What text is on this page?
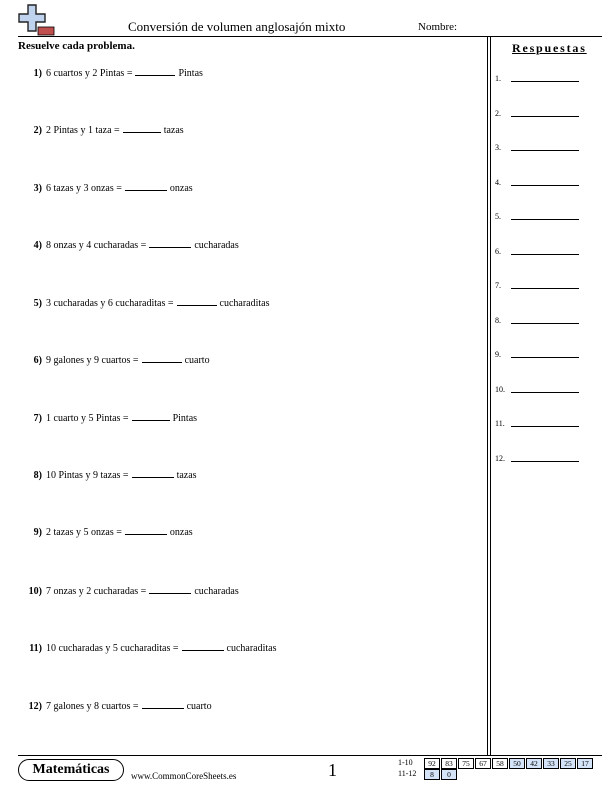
Conversión de volumen anglosajón mixto	Nombre:
Resuelve cada problema.
1) 6 cuartos y 2 Pintas =	Pintas
2) 2 Pintas y 1 taza =	tazas
3) 6 tazas y 3 onzas =	onzas
4) 8 onzas y 4 cucharadas =	cucharadas
5) 3 cucharadas y 6 cucharaditas =	cucharaditas
6) 9 galones y 9 cuartos =	cuarto
7) 1 cuarto y 5 Pintas =	Pintas
8) 10 Pintas y 9 tazas =	tazas
9) 2 tazas y 5 onzas =	onzas
10) 7 onzas y 2 cucharadas =	cucharadas
11) 10 cucharadas y 5 cucharaditas =	cucharaditas
12) 7 galones y 8 cuartos =	cuarto
Respuestas
1.
2.
3.
4.
5.
6.
7.
8.
9.
10.
11.
12.
Matemáticas	www.CommonCoreSheets.es	1	1-10	92	83	75	67	58	50	42	33	25	17
11-12	8	0
